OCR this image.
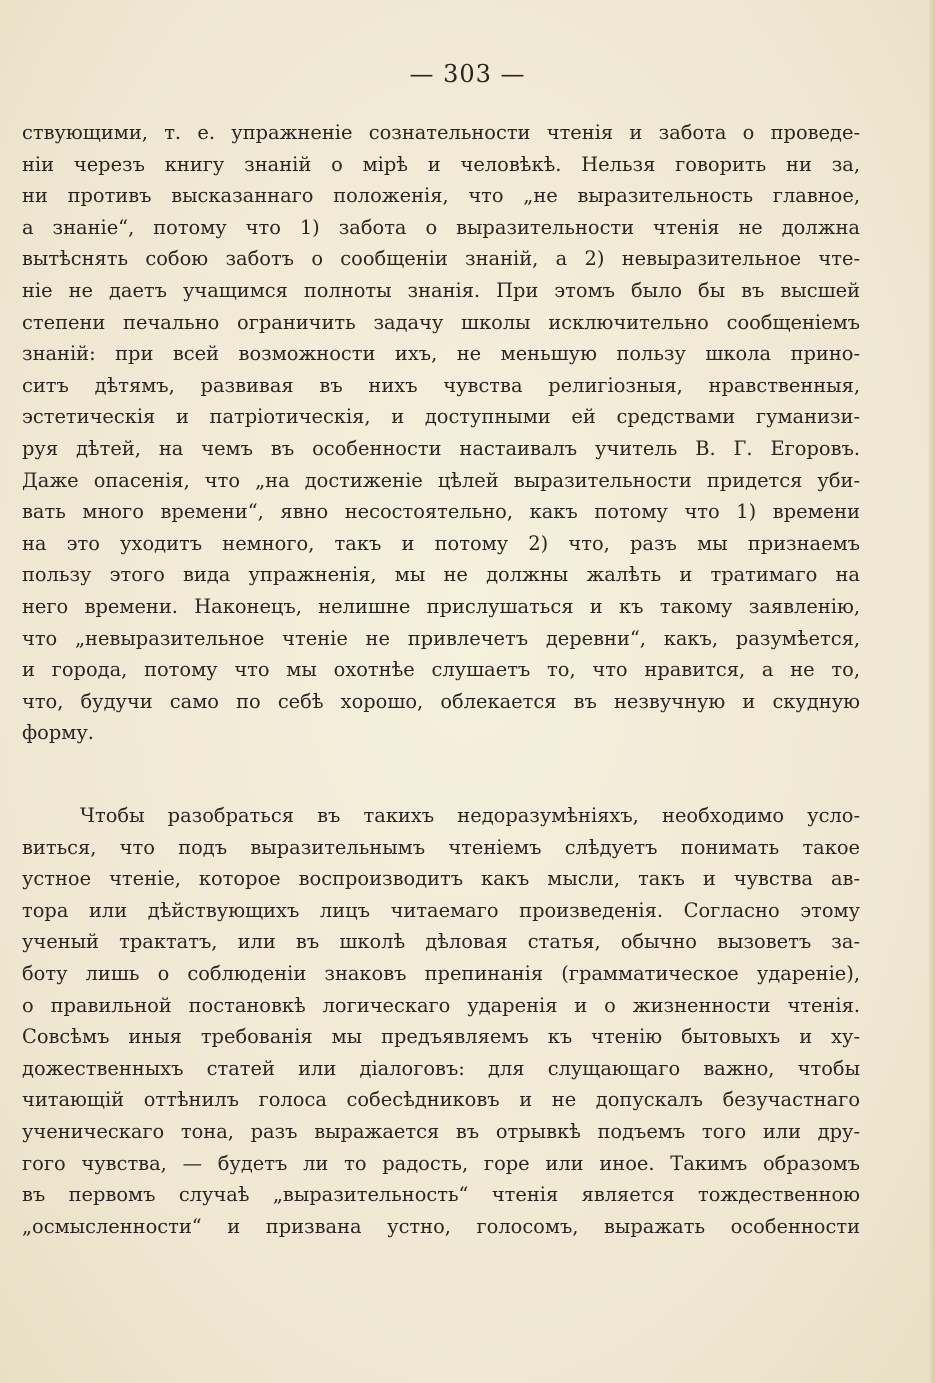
— 303 —
ствующими, т. е. упражненіе сознательности чтенія и забота о проведе-
ніи черезъ книгу знаній о мірѣ и человѣкѣ. Нельзя говорить ни за,
ни противъ высказаннаго положенія, что „не выразительность главное,
а знаніе“, потому что 1) забота о выразительности чтенія не должна
вытѣснять собою заботъ о сообщеніи знаній, а 2) невыразительное чте-
ніе не даетъ учащимся полноты знанія. При этомъ было бы въ высшей
степени печально ограничить задачу школы исключительно сообщеніемъ
знаній: при всей возможности ихъ, не меньшую пользу школа прино-
ситъ дѣтямъ, развивая въ нихъ чувства религіозныя, нравственныя,
эстетическія и патріотическія, и доступными ей средствами гуманизи-
руя дѣтей, на чемъ въ особенности настаивалъ учитель В. Г. Егоровъ.
Даже опасенія, что „на достиженіе цѣлей выразительности придется уби-
вать много времени“, явно несостоятельно, какъ потому что 1) времени
на это уходитъ немного, такъ и потому 2) что, разъ мы признаемъ
пользу этого вида упражненія, мы не должны жалѣть и тратимаго на
него времени. Наконецъ, нелишне прислушаться и къ такому заявленію,
что „невыразительное чтеніе не привлечетъ деревни“, какъ, разумѣется,
и города, потому что мы охотнѣе слушаетъ то, что нравится, а не то,
что, будучи само по себѣ хорошо, облекается въ незвучную и скудную
форму.
Чтобы разобраться въ такихъ недоразумѣніяхъ, необходимо усло-
виться, что подъ выразительнымъ чтеніемъ слѣдуетъ понимать такое
устное чтеніе, которое воспроизводитъ какъ мысли, такъ и чувства ав-
тора или дѣйствующихъ лицъ читаемаго произведенія. Согласно этому
ученый трактатъ, или въ школѣ дѣловая статья, обычно вызоветъ за-
боту лишь о соблюденіи знаковъ препинанія (грамматическое удареніе),
о правильной постановкѣ логическаго ударенія и о жизненности чтенія.
Совсѣмъ иныя требованія мы предъявляемъ къ чтенію бытовыхъ и ху-
дожественныхъ статей или діалоговъ: для слущающаго важно, чтобы
читающій оттѣнилъ голоса собесѣдниковъ и не допускалъ безучастнаго
ученическаго тона, разъ выражается въ отрывкѣ подъемъ того или дру-
гого чувства, — будетъ ли то радость, горе или иное. Такимъ образомъ
въ первомъ случаѣ „выразительность“ чтенія является тождественною
„осмысленности“ и призвана устно, голосомъ, выражать особенности
